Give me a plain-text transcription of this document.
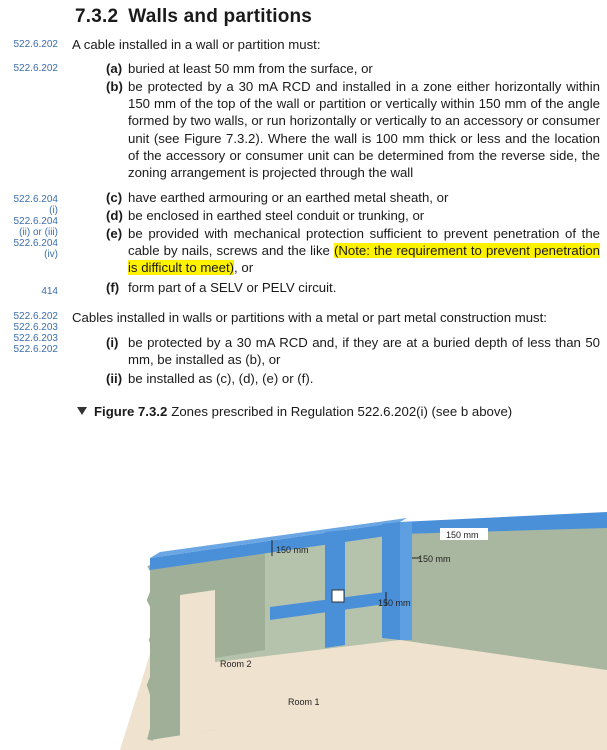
7.3.2 Walls and partitions
522.6.202
522.6.202
522.6.204
(i)
522.6.204
(ii) or (iii)
522.6.204
(iv)
414
522.6.202
522.6.203
522.6.203
522.6.202
A cable installed in a wall or partition must:
(a) buried at least 50 mm from the surface, or
(b) be protected by a 30 mA RCD and installed in a zone either horizontally within 150 mm of the top of the wall or partition or vertically within 150 mm of the angle formed by two walls, or run horizontally or vertically to an accessory or consumer unit (see Figure 7.3.2). Where the wall is 100 mm thick or less and the location of the accessory or consumer unit can be determined from the reverse side, the zoning arrangement is projected through the wall
(c) have earthed armouring or an earthed metal sheath, or
(d) be enclosed in earthed steel conduit or trunking, or
(e) be provided with mechanical protection sufficient to prevent penetration of the cable by nails, screws and the like (Note: the requirement to prevent penetration is difficult to meet), or
(f) form part of a SELV or PELV circuit.
Cables installed in walls or partitions with a metal or part metal construction must:
(i) be protected by a 30 mA RCD and, if they are at a buried depth of less than 50 mm, be installed as (b), or
(ii) be installed as (c), (d), (e) or (f).
Figure 7.3.2 Zones prescribed in Regulation 522.6.202(i) (see b above)
150 mm
150 mm
150 mm
150 mm
Room 2
Room 1
